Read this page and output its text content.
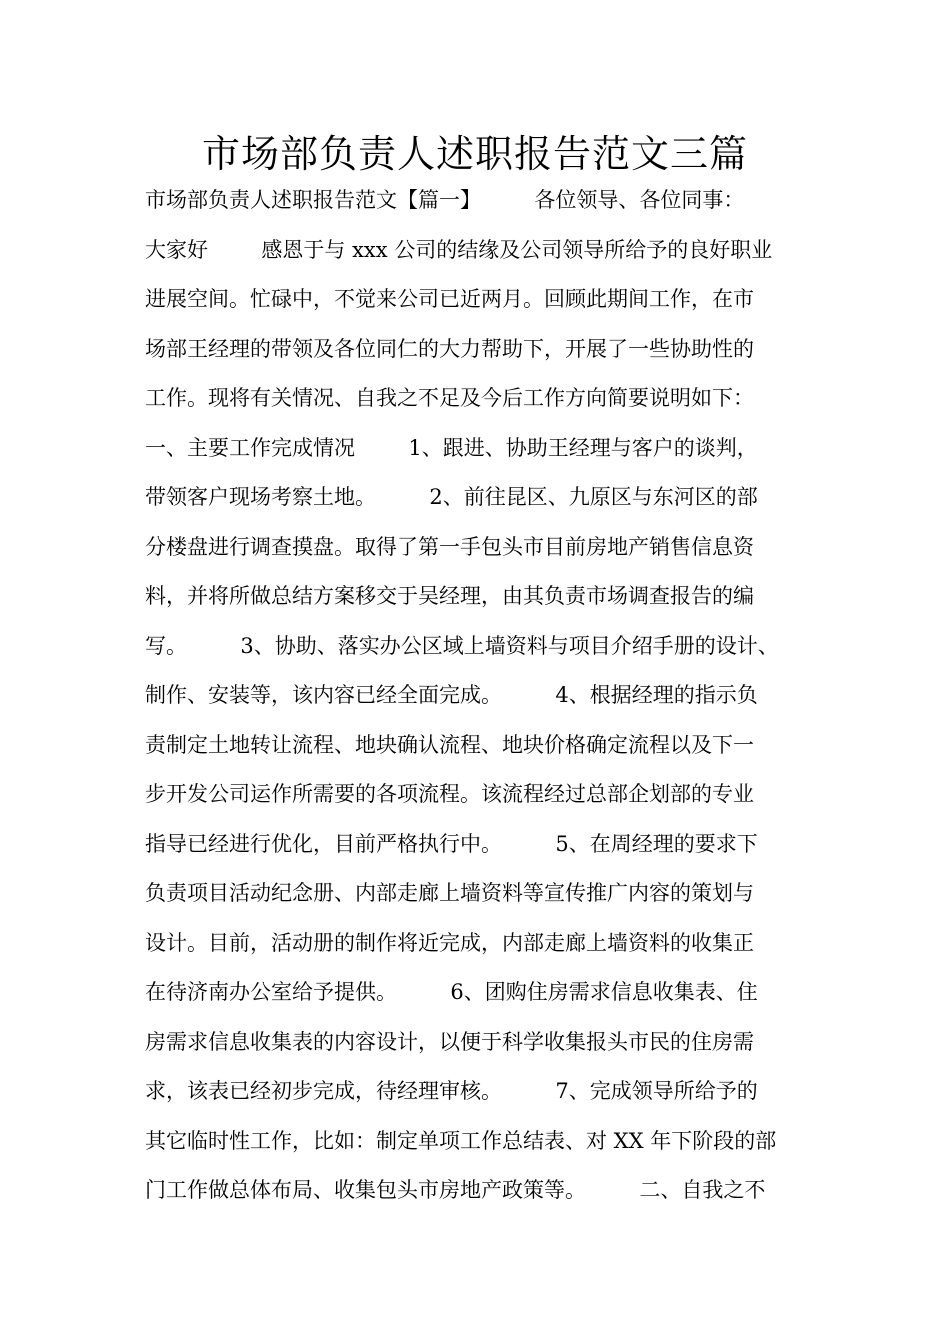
市场部负责人述职报告范文三篇
市场部负责人述职报告范文【篇一】        各位领导、各位同事：
大家好        感恩于与 xxx 公司的结缘及公司领导所给予的良好职业
进展空间。忙碌中，不觉来公司已近两月。回顾此期间工作，在市
场部王经理的带领及各位同仁的大力帮助下，开展了一些协助性的
工作。现将有关情况、自我之不足及今后工作方向简要说明如下：
一、主要工作完成情况        1、跟进、协助王经理与客户的谈判，
带领客户现场考察土地。        2、前往昆区、九原区与东河区的部
分楼盘进行调查摸盘。取得了第一手包头市目前房地产销售信息资
料，并将所做总结方案移交于吴经理，由其负责市场调查报告的编
写。        3、协助、落实办公区域上墙资料与项目介绍手册的设计、
制作、安装等，该内容已经全面完成。        4、根据经理的指示负
责制定土地转让流程、地块确认流程、地块价格确定流程以及下一
步开发公司运作所需要的各项流程。该流程经过总部企划部的专业
指导已经进行优化，目前严格执行中。        5、在周经理的要求下
负责项目活动纪念册、内部走廊上墙资料等宣传推广内容的策划与
设计。目前，活动册的制作将近完成，内部走廊上墙资料的收集正
在待济南办公室给予提供。        6、团购住房需求信息收集表、住
房需求信息收集表的内容设计，以便于科学收集报头市民的住房需
求，该表已经初步完成，待经理审核。        7、完成领导所给予的
其它临时性工作，比如：制定单项工作总结表、对 XX 年下阶段的部
门工作做总体布局、收集包头市房地产政策等。        二、自我之不
